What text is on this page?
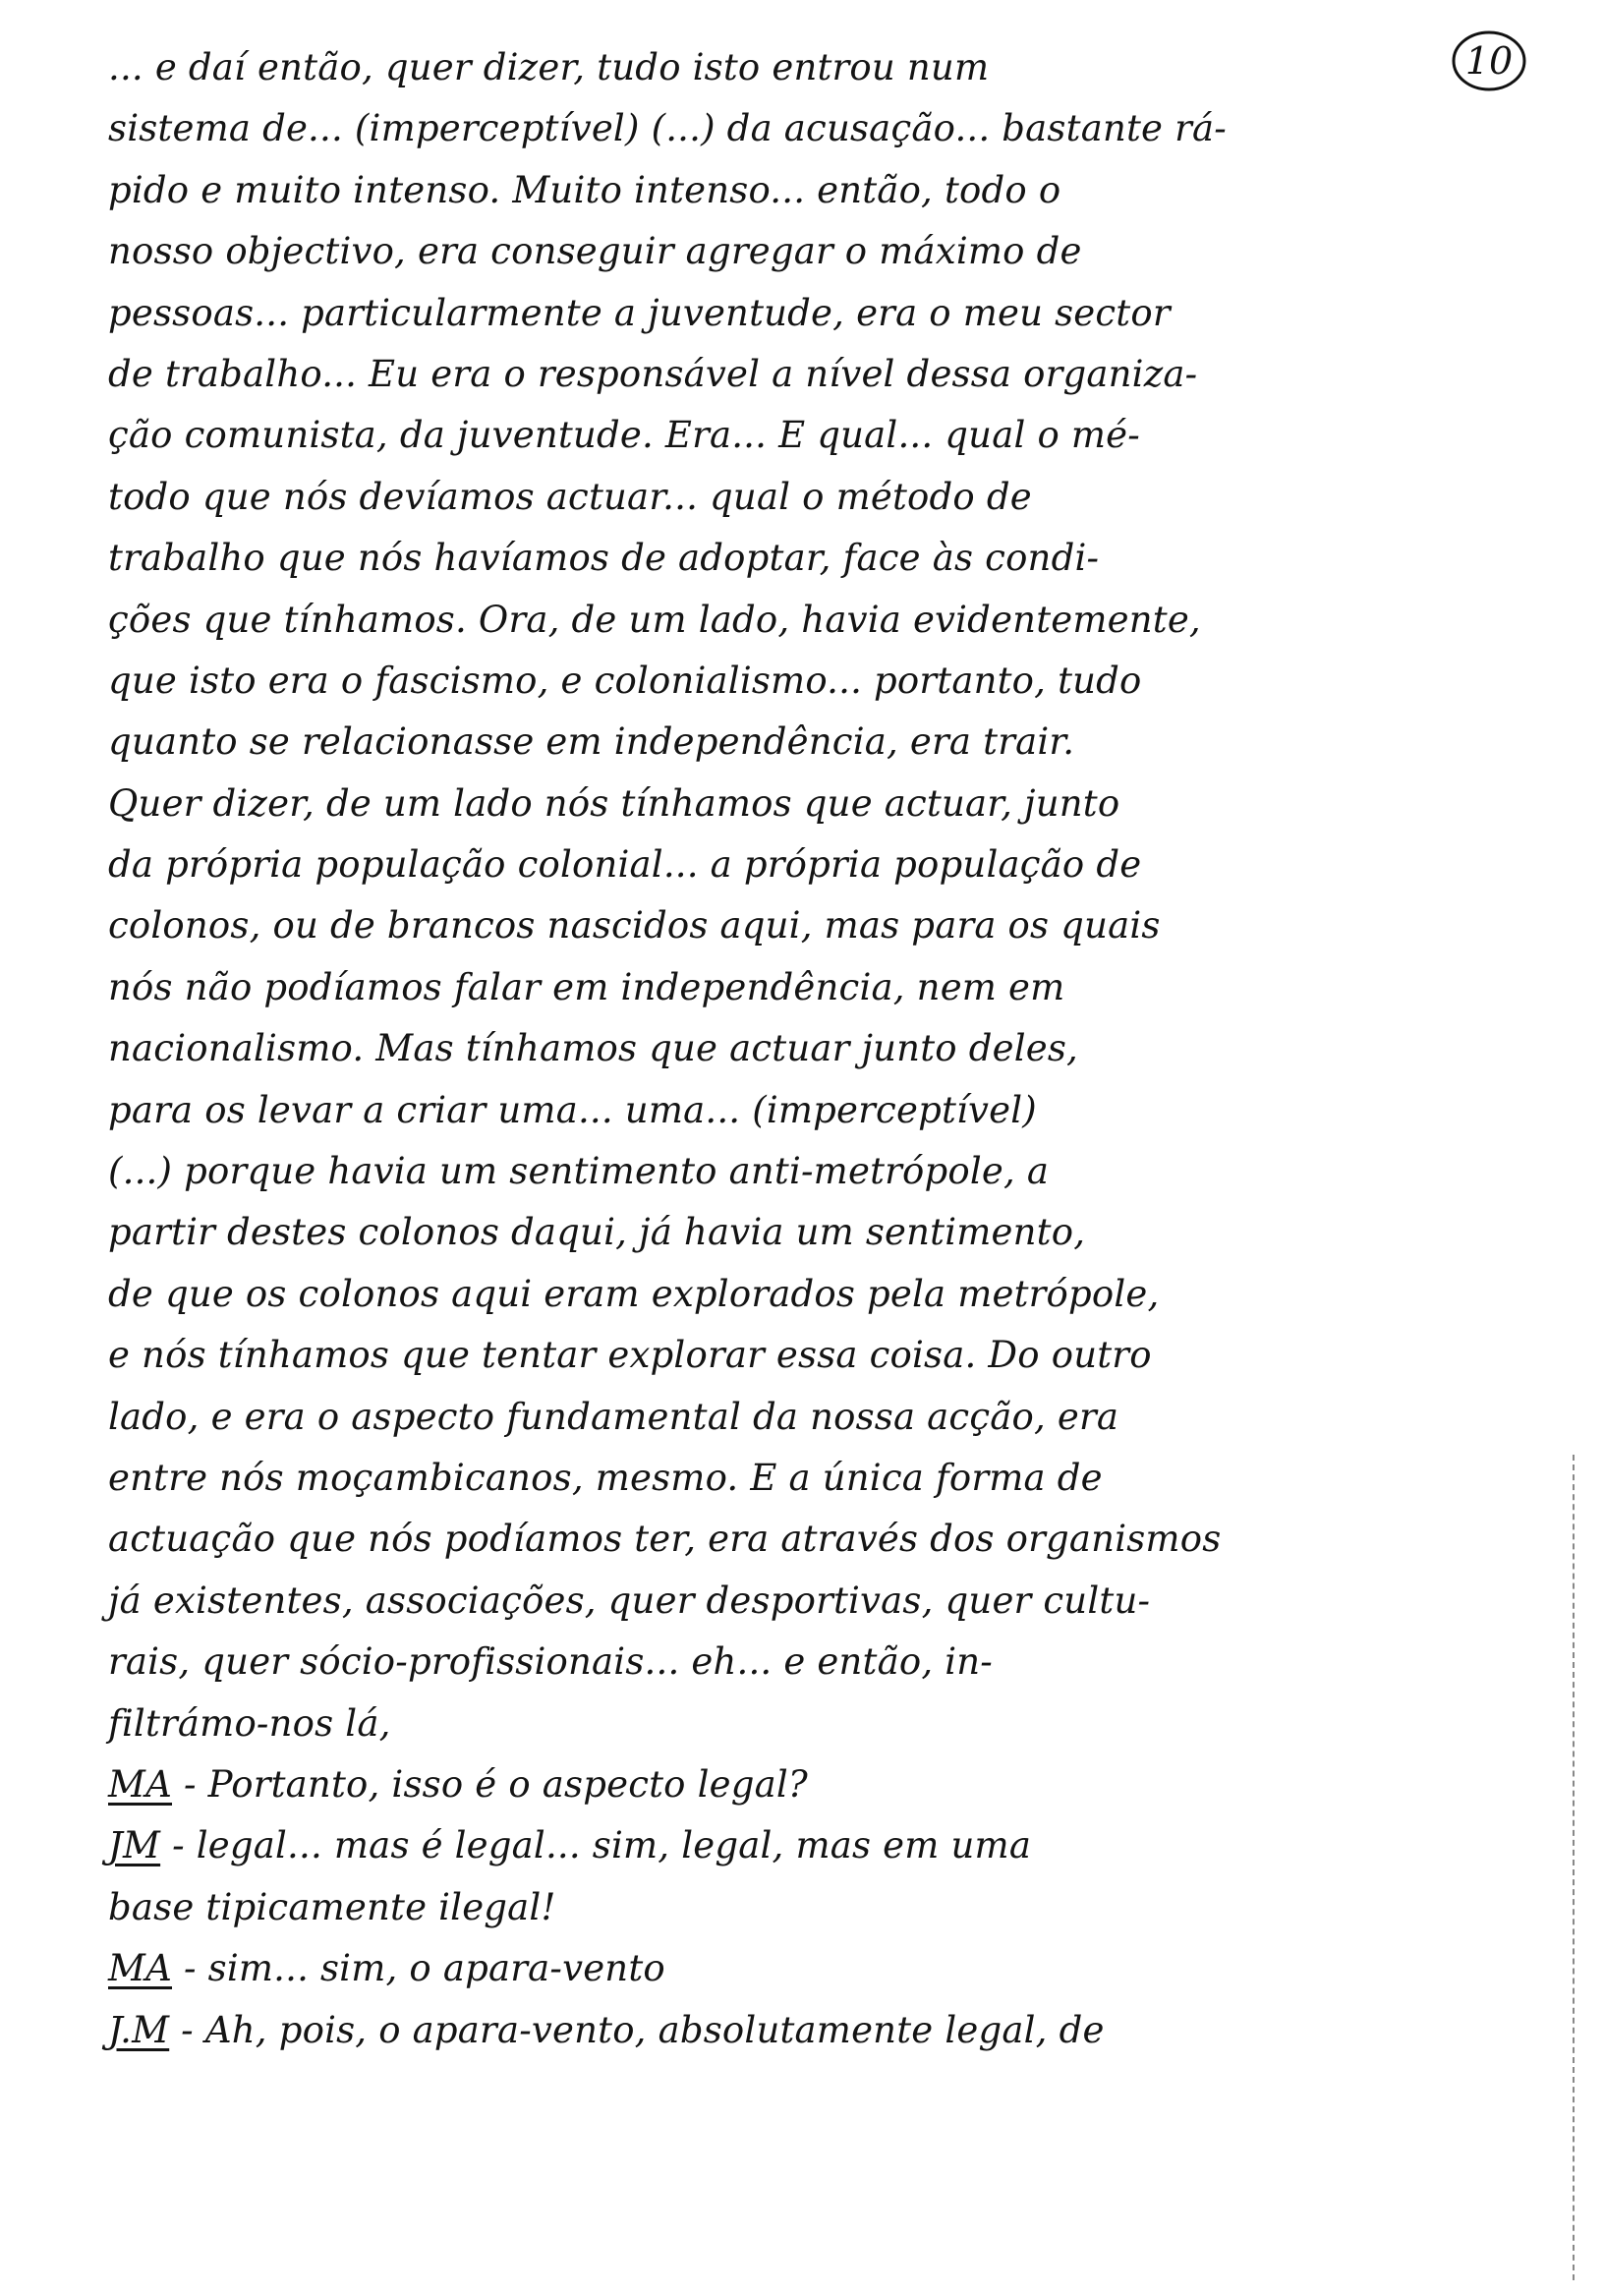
10
... e daí então, quer dizer, tudo isto entrou num
sistema de... (imperceptível) (...) da acusação... bastante rá-
pido e muito intenso. Muito intenso... então, todo o
nosso objectivo, era conseguir agregar o máximo de
pessoas... particularmente a juventude, era o meu sector
de trabalho... Eu era o responsável a nível dessa organiza-
ção comunista, da juventude. Era... E qual... qual o mé-
todo que nós devíamos actuar... qual o método de
trabalho que nós havíamos de adoptar, face às condi-
ções que tínhamos. Ora, de um lado, havia evidentemente,
que isto era o fascismo, e colonialismo... portanto, tudo
quanto se relacionasse em independência, era trair.
Quer dizer, de um lado nós tínhamos que actuar, junto
da própria população colonial... a própria população de
colonos, ou de brancos nascidos aqui, mas para os quais
nós não podíamos falar em independência, nem em
nacionalismo. Mas tínhamos que actuar junto deles,
para os levar a criar uma... uma... (imperceptível)
(...) porque havia um sentimento anti-metrópole, a
partir destes colonos daqui, já havia um sentimento,
de que os colonos aqui eram explorados pela metrópole,
e nós tínhamos que tentar explorar essa coisa. Do outro
lado, e era o aspecto fundamental da nossa acção, era
entre nós moçambicanos, mesmo. E a única forma de
actuação que nós podíamos ter, era através dos organismos
já existentes, associações, quer desportivas, quer cultu-
rais, quer sócio-profissionais... eh... e então, in-
filtrámo-nos lá,
MA - Portanto, isso é o aspecto legal?
JM - legal... mas é legal... sim, legal, mas em uma
base tipicamente ilegal!
MA - sim... sim, o apara-vento
J.M - Ah, pois, o apara-vento, absolutamente legal, de
